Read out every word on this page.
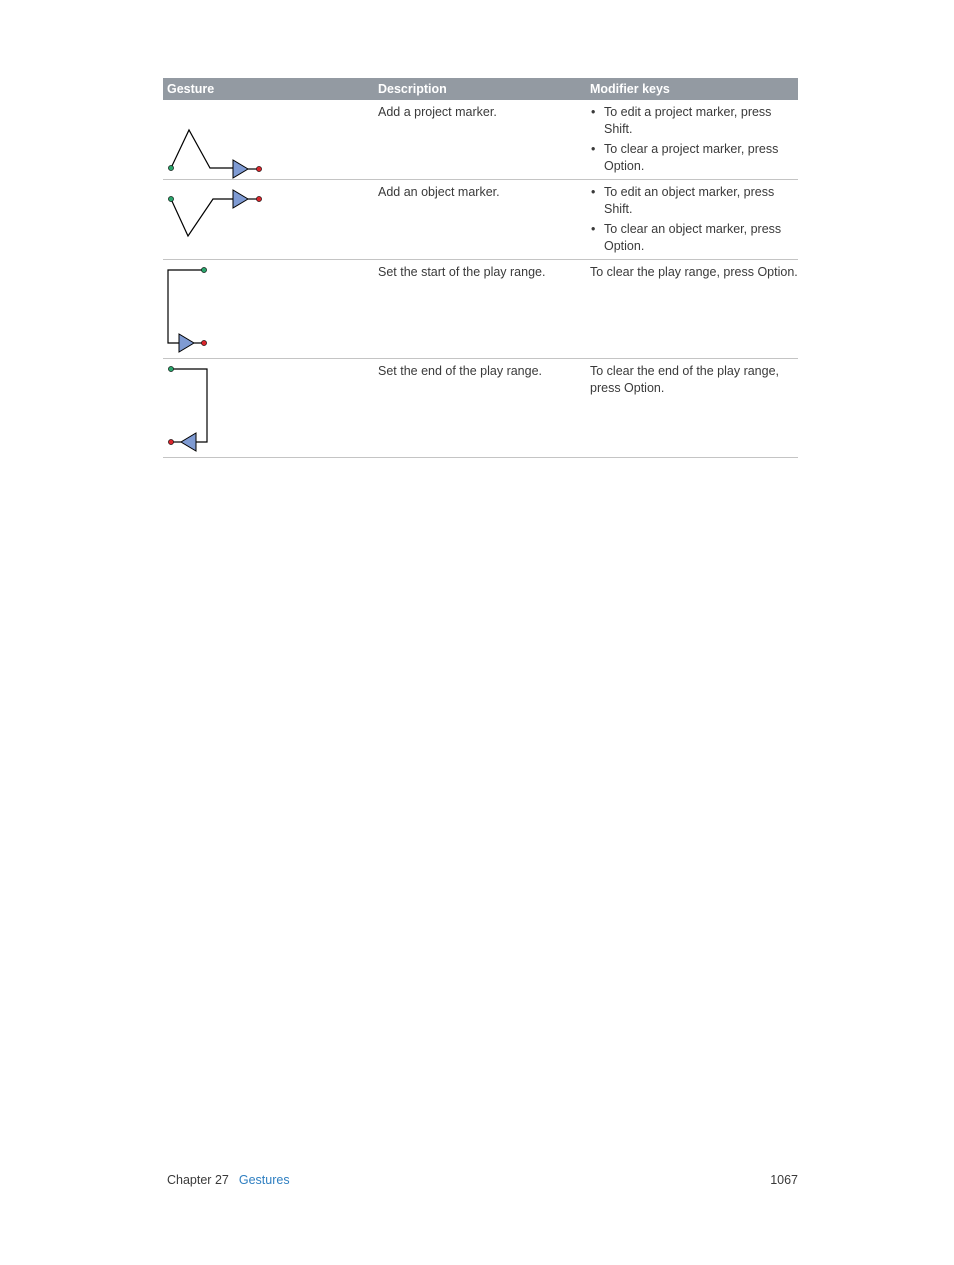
Gesture	Description	Modifier keys
Add a project marker.	• To edit a project marker, press Shift.
• To clear a project marker, press Option.
Add an object marker.	• To edit an object marker, press Shift.
• To clear an object marker, press Option.
Set the start of the play range.	To clear the play range, press Option.
Set the end of the play range.	To clear the end of the play range, press Option.
Chapter 27 Gestures	1067
